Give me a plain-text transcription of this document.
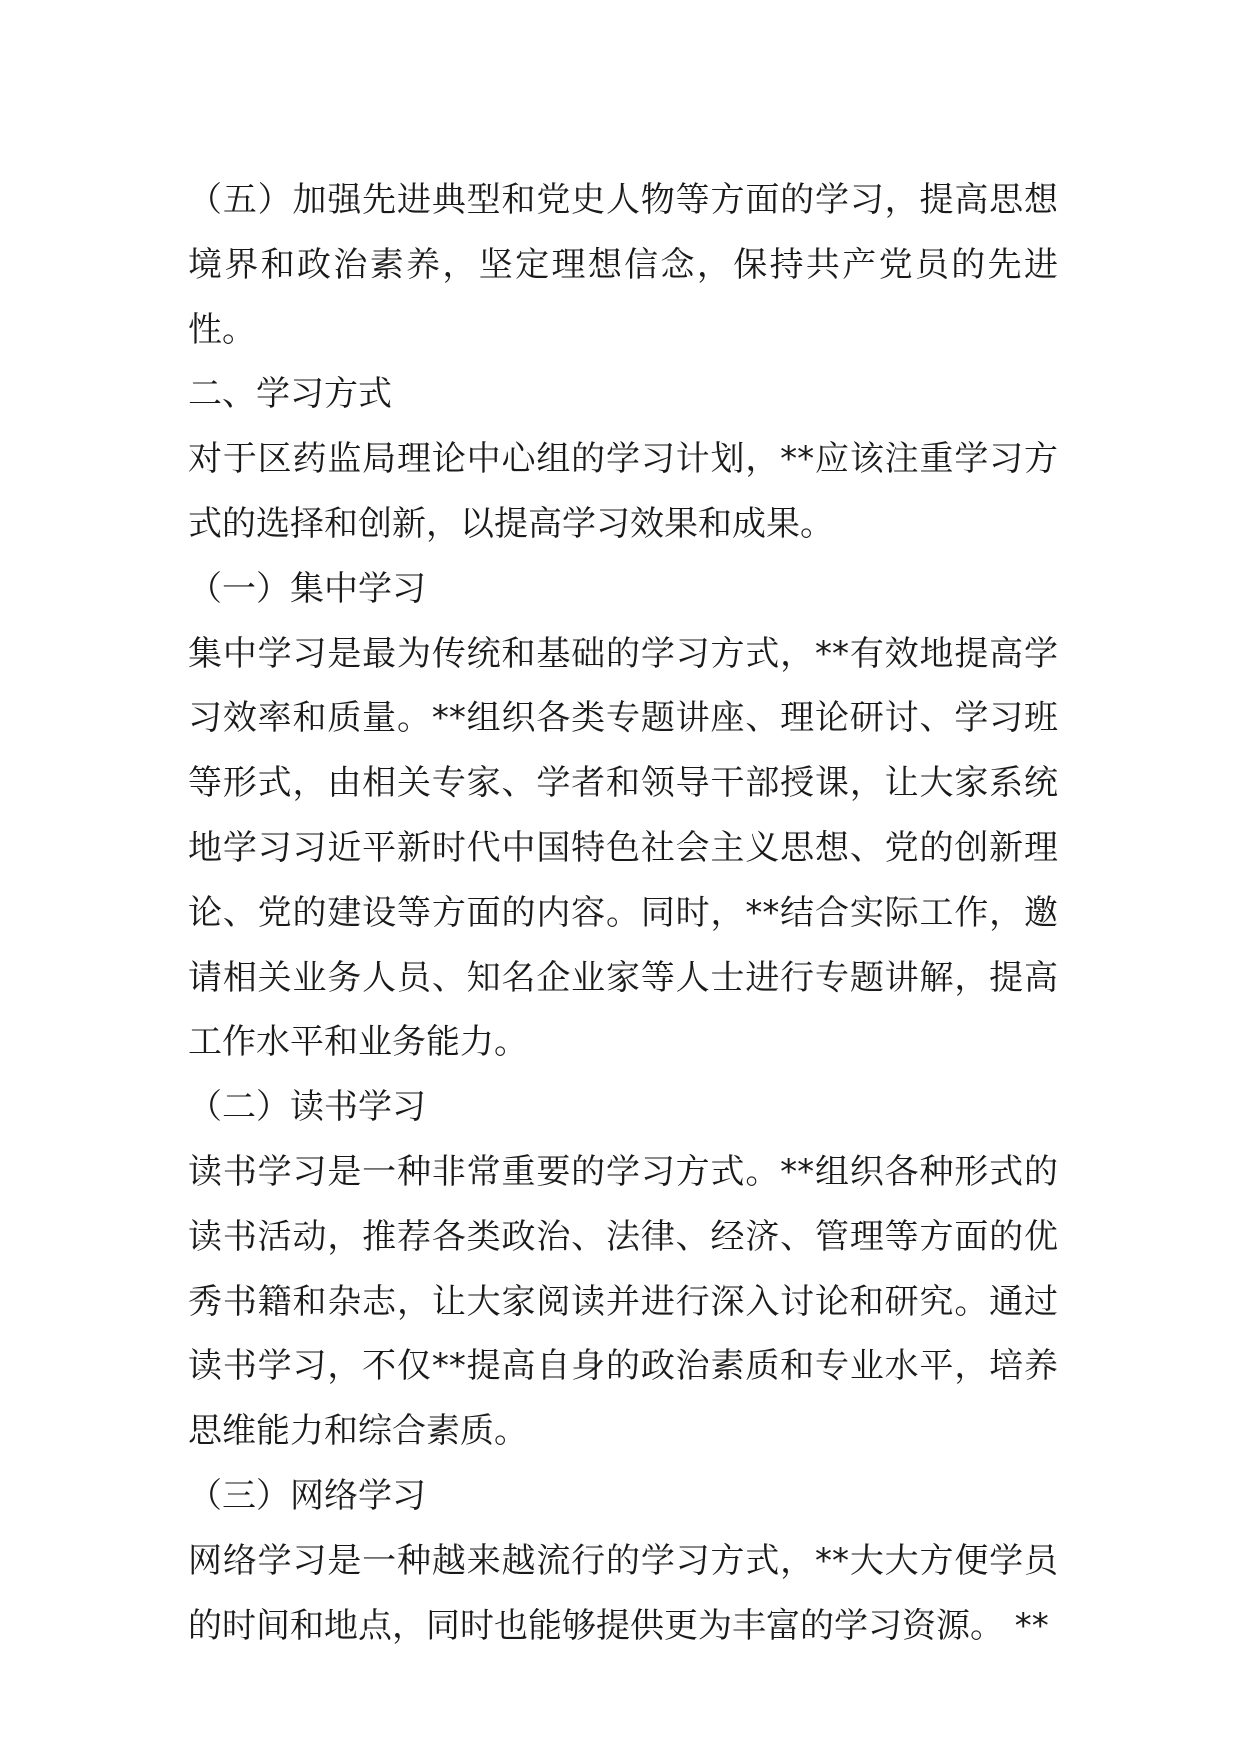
（五）加强先进典型和党史人物等方面的学习，提高思想境界和政治素养，坚定理想信念，保持共产党员的先进性。

二、学习方式

对于区药监局理论中心组的学习计划，**应该注重学习方式的选择和创新，以提高学习效果和成果。

（一）集中学习

集中学习是最为传统和基础的学习方式，**有效地提高学习效率和质量。**组织各类专题讲座、理论研讨、学习班等形式，由相关专家、学者和领导干部授课，让大家系统地学习习近平新时代中国特色社会主义思想、党的创新理论、党的建设等方面的内容。同时，**结合实际工作，邀请相关业务人员、知名企业家等人士进行专题讲解，提高工作水平和业务能力。

（二）读书学习

读书学习是一种非常重要的学习方式。**组织各种形式的读书活动，推荐各类政治、法律、经济、管理等方面的优秀书籍和杂志，让大家阅读并进行深入讨论和研究。通过读书学习，不仅**提高自身的政治素质和专业水平，培养思维能力和综合素质。

（三）网络学习

网络学习是一种越来越流行的学习方式，**大大方便学员的时间和地点，同时也能够提供更为丰富的学习资源。 **
